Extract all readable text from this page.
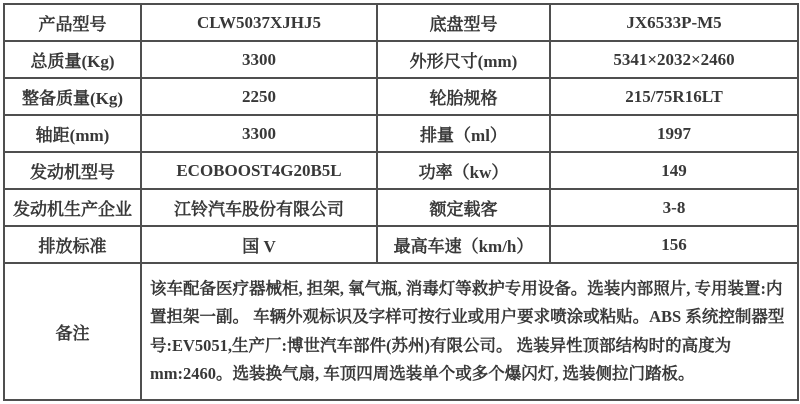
产品型号	CLW5037XJHJ5	底盘型号	JX6533P-M5
总质量(Kg)	3300	外形尺寸(mm)	5341×2032×2460
整备质量(Kg)	2250	轮胎规格	215/75R16LT
轴距(mm)	3300	排量（ml）	1997
发动机型号	ECOBOOST4G20B5L	功率（kw）	149
发动机生产企业	江铃汽车股份有限公司	额定载客	3-8
排放标准	国 V	最高车速（km/h）	156
备注	该车配备医疗器械柜, 担架, 氧气瓶, 消毒灯等救护专用设备。选装内部照片, 专用装置:内置担架一副。 车辆外观标识及字样可按行业或用户要求喷涂或粘贴。ABS 系统控制器型号:EV5051,生产厂:博世汽车部件(苏州)有限公司。 选装异性顶部结构时的高度为 mm:2460。选装换气扇, 车顶四周选装单个或多个爆闪灯, 选装侧拉门踏板。		
